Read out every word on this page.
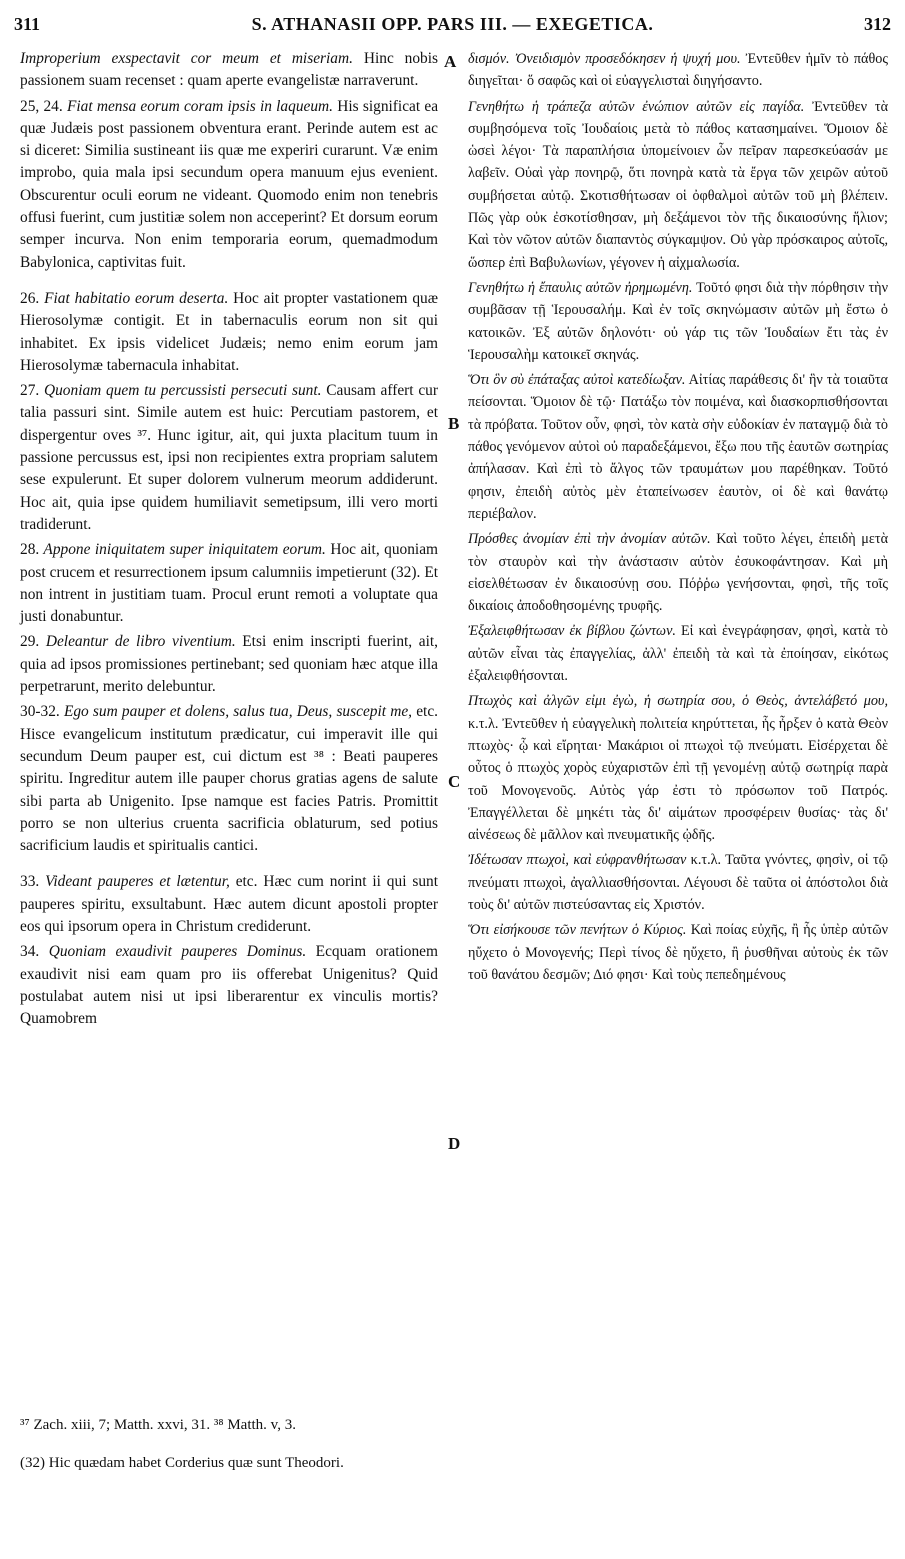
311	S. ATHANASII OPP. PARS III. — EXEGETICA.	312
A
B
C
D

Improperium exspectavit cor meum et miseriam. Hinc nobis passionem suam recenset : quam aperte evangelistæ narraverunt.

25, 24. Fiat mensa eorum coram ipsis in laqueum. His significat ea quæ Judæis post passionem obventura erant. Perinde autem est ac si diceret: Similia sustineant iis quæ me experiri curarunt. Væ enim improbo, quia mala ipsi secundum opera manuum ejus evenient. Obscurentur oculi eorum ne videant. Quomodo enim non tenebris offusi fuerint, cum justitiæ solem non acceperint? Et dorsum eorum semper incurva. Non enim temporaria eorum, quemadmodum Babylonica, captivitas fuit.

26. Fiat habitatio eorum deserta. Hoc ait propter vastationem quæ Hierosolymæ contigit. Et in tabernaculis eorum non sit qui inhabitet. Ex ipsis videlicet Judæis; nemo enim eorum jam Hierosolymæ tabernacula inhabitat.

27. Quoniam quem tu percussisti persecuti sunt. Causam affert cur talia passuri sint. Simile autem est huic: Percutiam pastorem, et dispergentur oves ³⁷. Hunc igitur, ait, qui juxta placitum tuum in passione percussus est, ipsi non recipientes extra propriam salutem sese expulerunt. Et super dolorem vulnerum meorum addiderunt. Hoc ait, quia ipse quidem humiliavit semetipsum, illi vero morti tradiderunt.

28. Appone iniquitatem super iniquitatem eorum. Hoc ait, quoniam post crucem et resurrectionem ipsum calumniis impetierunt (32). Et non intrent in justitiam tuam. Procul erunt remoti a voluptate qua justi donabuntur.

29. Deleantur de libro viventium. Etsi enim inscripti fuerint, ait, quia ad ipsos promissiones pertinebant; sed quoniam hæc atque illa perpetrarunt, merito delebuntur.

30-32. Ego sum pauper et dolens, salus tua, Deus, suscepit me, etc. Hisce evangelicum institutum prædicatur, cui imperavit ille qui secundum Deum pauper est, cui dictum est ³⁸ : Beati pauperes spiritu. Ingreditur autem ille pauper chorus gratias agens de salute sibi parta ab Unigenito. Ipse namque est facies Patris. Promittit porro se non ulterius cruenta sacrificia oblaturum, sed potius sacrificium laudis et spiritualis cantici.

33. Videant pauperes et lætentur, etc. Hæc cum norint ii qui sunt pauperes spiritu, exsultabunt. Hæc autem dicunt apostoli propter eos qui ipsorum opera in Christum crediderunt.

34. Quoniam exaudivit pauperes Dominus. Ecquam orationem exaudivit nisi eam quam pro iis offerebat Unigenitus? Quid postulabat autem nisi ut ipsi liberarentur ex vinculis mortis? Quamobrem

δισμόν. Ὀνειδισμὸν προσεδόκησεν ἡ ψυχή μου. Ἐντεῦθεν ἡμῖν τὸ πάθος διηγεῖται· ὅ σαφῶς καὶ οἱ εὐαγγελισταὶ διηγήσαντο.

Γενηθήτω ἡ τράπεζα αὐτῶν ἐνώπιον αὐτῶν εἰς παγίδα. Ἐντεῦθεν τὰ συμβησόμενα τοῖς Ἰουδαίοις μετὰ τὸ πάθος κατασημαίνει. Ὅμοιον δὲ ὡσεὶ λέγοι· Τὰ παραπλήσια ὑπομείνοιεν ὧν πεῖραν παρεσκεύασάν με λαβεῖν. Οὐαὶ γὰρ πονηρῷ, ὅτι πονηρὰ κατὰ τὰ ἔργα τῶν χειρῶν αὐτοῦ συμβήσεται αὐτῷ. Σκοτισθήτωσαν οἱ ὀφθαλμοὶ αὐτῶν τοῦ μὴ βλέπειν. Πῶς γὰρ οὐκ ἐσκοτίσθησαν, μὴ δεξάμενοι τὸν τῆς δικαιοσύνης ἥλιον; Καὶ τὸν νῶτον αὐτῶν διαπαντὸς σύγκαμψον. Οὐ γὰρ πρόσκαιρος αὐτοῖς, ὥσπερ ἐπὶ Βαβυλωνίων, γέγονεν ἡ αἰχμαλωσία.

Γενηθήτω ἡ ἔπαυλις αὐτῶν ἠρημωμένη. Τοῦτό φησι διὰ τὴν πόρθησιν τὴν συμβᾶσαν τῇ Ἱερουσαλήμ. Καὶ ἐν τοῖς σκηνώμασιν αὐτῶν μὴ ἔστω ὁ κατοικῶν. Ἐξ αὐτῶν δηλονότι· οὐ γάρ τις τῶν Ἰουδαίων ἔτι τὰς ἐν Ἱερουσαλὴμ κατοικεῖ σκηνάς.

Ὅτι ὃν σὺ ἐπάταξας αὐτοὶ κατεδίωξαν. Αἰτίας παράθεσις δι' ἣν τὰ τοιαῦτα πείσονται. Ὅμοιον δὲ τῷ· Πατάξω τὸν ποιμένα, καὶ διασκορπισθήσονται τὰ πρόβατα. Τοῦτον οὖν, φησὶ, τὸν κατὰ σὴν εὐδοκίαν ἐν παταγμῷ διὰ τὸ πάθος γενόμενον αὐτοὶ οὐ παραδεξάμενοι, ἔξω που τῆς ἑαυτῶν σωτηρίας ἀπήλασαν. Καὶ ἐπὶ τὸ ἄλγος τῶν τραυμάτων μου παρέθηκαν. Τοῦτό φησιν, ἐπειδὴ αὐτὸς μὲν ἐταπείνωσεν ἑαυτὸν, οἱ δὲ καὶ θανάτῳ περιέβαλον.

Πρόσθες ἀνομίαν ἐπὶ τὴν ἀνομίαν αὐτῶν. Καὶ τοῦτο λέγει, ἐπειδὴ μετὰ τὸν σταυρὸν καὶ τὴν ἀνάστασιν αὐτὸν ἐσυκοφάντησαν. Καὶ μὴ εἰσελθέτωσαν ἐν δικαιοσύνῃ σου. Πόῤῥω γενήσονται, φησὶ, τῆς τοῖς δικαίοις ἀποδοθησομένης τρυφῆς.

Ἐξαλειφθήτωσαν ἐκ βίβλου ζώντων. Εἰ καὶ ἐνεγράφησαν, φησὶ, κατὰ τὸ αὐτῶν εἶναι τὰς ἐπαγγελίας, ἀλλ' ἐπειδὴ τὰ καὶ τὰ ἐποίησαν, εἰκότως ἐξαλειφθήσονται.

Πτωχὸς καὶ ἀλγῶν εἰμι ἐγὼ, ἡ σωτηρία σου, ὁ Θεὸς, ἀντελάβετό μου, κ.τ.λ. Ἐντεῦθεν ἡ εὐαγγελικὴ πολιτεία κηρύττεται, ἧς ἦρξεν ὁ κατὰ Θεὸν πτωχὸς· ᾧ καὶ εἴρηται· Μακάριοι οἱ πτωχοὶ τῷ πνεύματι. Εἰσέρχεται δὲ οὗτος ὁ πτωχὸς χορὸς εὐχαριστῶν ἐπὶ τῇ γενομένῃ αὐτῷ σωτηρίᾳ παρὰ τοῦ Μονογενοῦς. Αὐτὸς γάρ ἐστι τὸ πρόσωπον τοῦ Πατρός. Ἐπαγγέλλεται δὲ μηκέτι τὰς δι' αἱμάτων προσφέρειν θυσίας· τὰς δι' αἰνέσεως δὲ μᾶλλον καὶ πνευματικῆς ᾠδῆς.

Ἰδέτωσαν πτωχοὶ, καὶ εὐφρανθήτωσαν κ.τ.λ. Ταῦτα γνόντες, φησὶν, οἱ τῷ πνεύματι πτωχοὶ, ἀγαλλιασθήσονται. Λέγουσι δὲ ταῦτα οἱ ἀπόστολοι διὰ τοὺς δι' αὐτῶν πιστεύσαντας εἰς Χριστόν.

Ὅτι εἰσήκουσε τῶν πενήτων ὁ Κύριος. Καὶ ποίας εὐχῆς, ἢ ἧς ὑπὲρ αὐτῶν ηὔχετο ὁ Μονογενής; Περὶ τίνος δὲ ηὔχετο, ἢ ῥυσθῆναι αὐτοὺς ἐκ τῶν τοῦ θανάτου δεσμῶν; Διό φησι· Καὶ τοὺς πεπεδημένους

³⁷ Zach. xiii, 7; Matth. xxvi, 31. ³⁸ Matth. v, 3.

(32) Hic quædam habet Corderius quæ sunt Theodori.
